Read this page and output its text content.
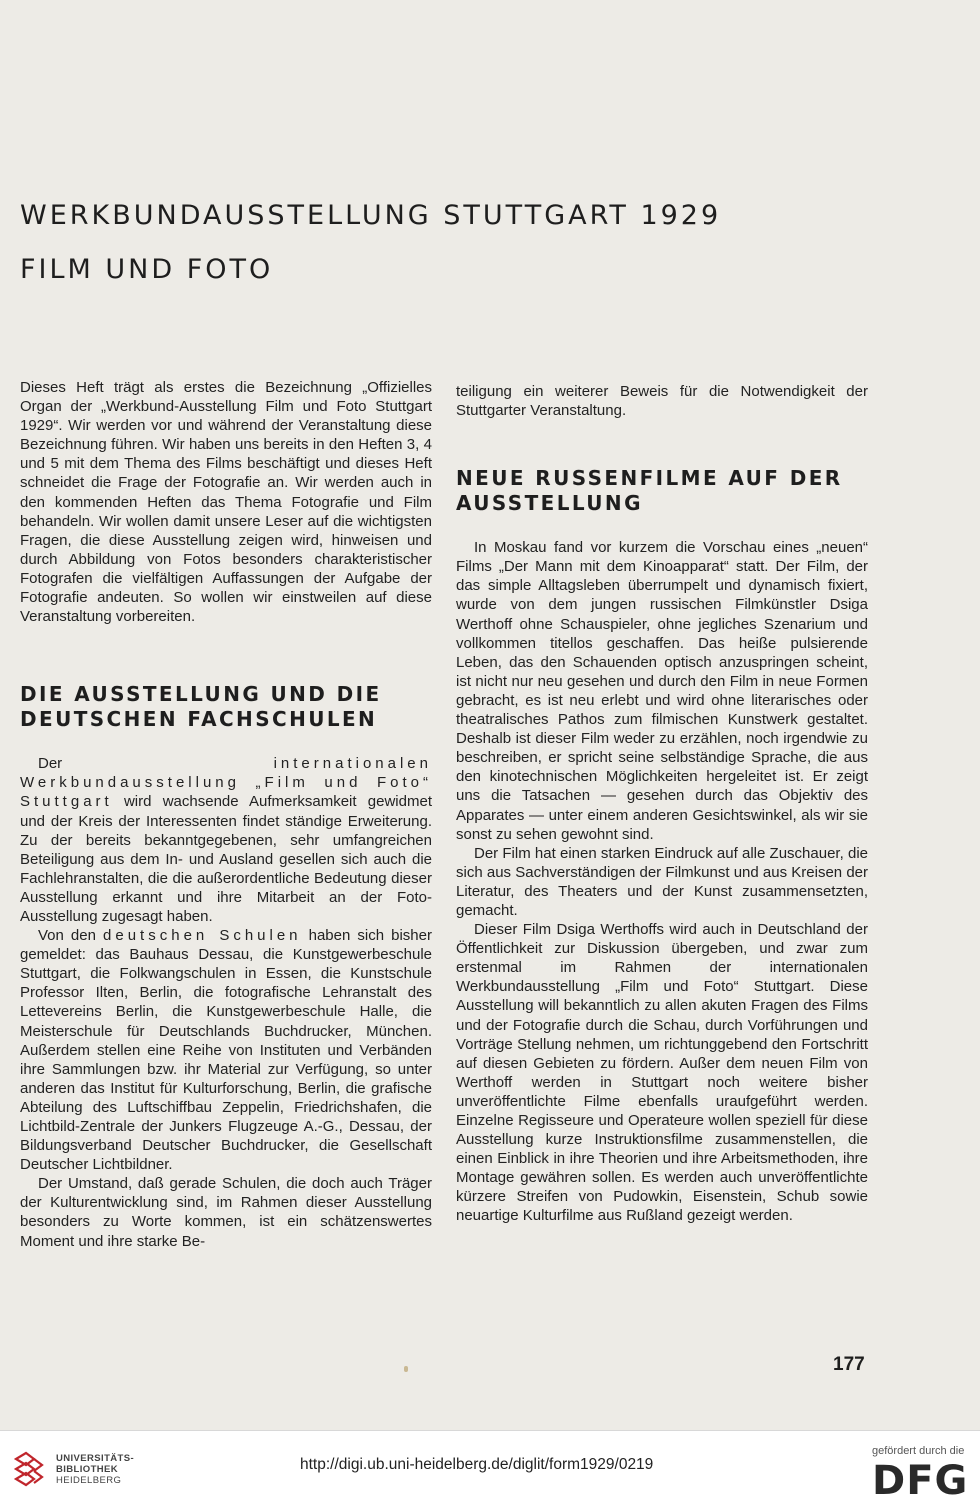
WERKBUNDAUSSTELLUNG STUTTGART 1929
FILM UND FOTO

Dieses Heft trägt als erstes die Bezeichnung „Offizielles Organ der „Werkbund-Ausstellung Film und Foto Stuttgart 1929“. Wir werden vor und während der Veranstaltung diese Bezeichnung führen. Wir haben uns bereits in den Heften 3, 4 und 5 mit dem Thema des Films beschäftigt und dieses Heft schneidet die Frage der Fotografie an. Wir werden auch in den kommenden Heften das Thema Fotografie und Film behandeln. Wir wollen damit unsere Leser auf die wichtigsten Fragen, die diese Ausstellung zeigen wird, hinweisen und durch Abbildung von Fotos besonders charakteristischer Fotografen die vielfältigen Auffassungen der Aufgabe der Fotografie andeuten. So wollen wir einstweilen auf diese Veranstaltung vorbereiten.

DIE AUSSTELLUNG UND DIE DEUTSCHEN FACHSCHULEN

Der internationalen Werkbundausstellung „Film und Foto“ Stuttgart wird wachsende Aufmerksamkeit gewidmet und der Kreis der Interessenten findet ständige Erweiterung. Zu der bereits bekanntgegebenen, sehr umfangreichen Beteiligung aus dem In- und Ausland gesellen sich auch die Fachlehranstalten, die die außerordentliche Bedeutung dieser Ausstellung erkannt und ihre Mitarbeit an der Foto-Ausstellung zugesagt haben.

Von den deutschen Schulen haben sich bisher gemeldet: das Bauhaus Dessau, die Kunstgewerbeschule Stuttgart, die Folkwangschulen in Essen, die Kunstschule Professor Ilten, Berlin, die fotografische Lehranstalt des Lettevereins Berlin, die Kunstgewerbeschule Halle, die Meisterschule für Deutschlands Buchdrucker, München. Außerdem stellen eine Reihe von Instituten und Verbänden ihre Sammlungen bzw. ihr Material zur Verfügung, so unter anderen das Institut für Kulturforschung, Berlin, die grafische Abteilung des Luftschiffbau Zeppelin, Friedrichshafen, die Lichtbild-Zentrale der Junkers Flugzeuge A.-G., Dessau, der Bildungsverband Deutscher Buchdrucker, die Gesellschaft Deutscher Lichtbildner.

Der Umstand, daß gerade Schulen, die doch auch Träger der Kulturentwicklung sind, im Rahmen dieser Ausstellung besonders zu Worte kommen, ist ein schätzenswertes Moment und ihre starke Be-

teiligung ein weiterer Beweis für die Notwendigkeit der Stuttgarter Veranstaltung.

NEUE RUSSENFILME AUF DER AUSSTELLUNG

In Moskau fand vor kurzem die Vorschau eines „neuen“ Films „Der Mann mit dem Kinoapparat“ statt. Der Film, der das simple Alltagsleben überrumpelt und dynamisch fixiert, wurde von dem jungen russischen Filmkünstler Dsiga Werthoff ohne Schauspieler, ohne jegliches Szenarium und vollkommen titellos geschaffen. Das heiße pulsierende Leben, das den Schauenden optisch anzuspringen scheint, ist nicht nur neu gesehen und durch den Film in neue Formen gebracht, es ist neu erlebt und wird ohne literarisches oder theatralisches Pathos zum filmischen Kunstwerk gestaltet. Deshalb ist dieser Film weder zu erzählen, noch irgendwie zu beschreiben, er spricht seine selbständige Sprache, die aus den kinotechnischen Möglichkeiten hergeleitet ist. Er zeigt uns die Tatsachen — gesehen durch das Objektiv des Apparates — unter einem anderen Gesichtswinkel, als wir sie sonst zu sehen gewohnt sind.

Der Film hat einen starken Eindruck auf alle Zuschauer, die sich aus Sachverständigen der Filmkunst und aus Kreisen der Literatur, des Theaters und der Kunst zusammensetzten, gemacht.

Dieser Film Dsiga Werthoffs wird auch in Deutschland der Öffentlichkeit zur Diskussion übergeben, und zwar zum erstenmal im Rahmen der internationalen Werkbundausstellung „Film und Foto“ Stuttgart. Diese Ausstellung will bekanntlich zu allen akuten Fragen des Films und der Fotografie durch die Schau, durch Vorführungen und Vorträge Stellung nehmen, um richtunggebend den Fortschritt auf diesen Gebieten zu fördern. Außer dem neuen Film von Werthoff werden in Stuttgart noch weitere bisher unveröffentlichte Filme ebenfalls uraufgeführt werden. Einzelne Regisseure und Operateure wollen speziell für diese Ausstellung kurze Instruktionsfilme zusammenstellen, die einen Einblick in ihre Theorien und ihre Arbeitsmethoden, ihre Montage gewähren sollen. Es werden auch unveröffentlichte kürzere Streifen von Pudowkin, Eisenstein, Schub sowie neuartige Kulturfilme aus Rußland gezeigt werden.

177
UNIVERSITÄTS-
BIBLIOTHEK
HEIDELBERG
http://digi.ub.uni-heidelberg.de/diglit/form1929/0219
gefördert durch die
DFG
